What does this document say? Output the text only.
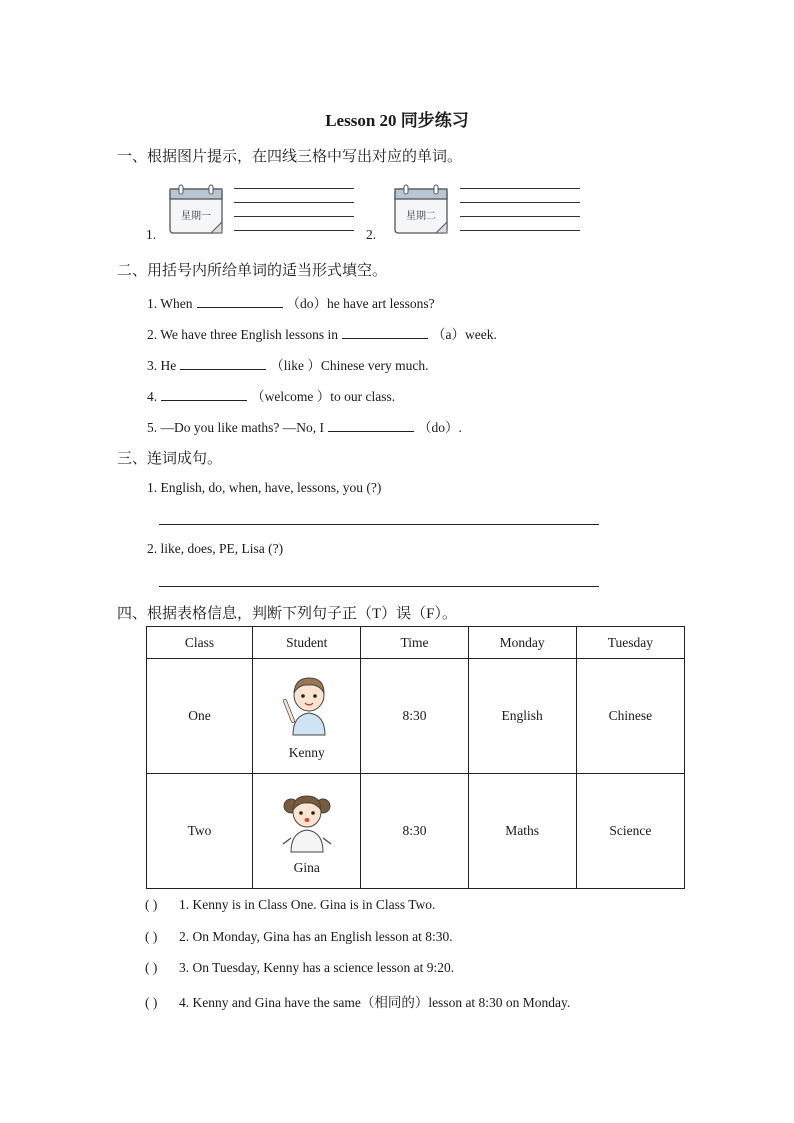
Lesson 20 同步练习
一、根据图片提示，在四线三格中写出对应的单词。
1.
星期一
2.
星期二
二、用括号内所给单词的适当形式填空。
1. When	（do）he have art lessons?
2. We have three English lessons in	（a）week.
3. He	（like ）Chinese very much.
4.	（welcome ）to our class.
5. —Do you like maths? —No, I	（do）.
三、连词成句。
1. English, do, when, have, lessons, you (?)
2. like, does, PE, Lisa (?)
四、根据表格信息，判断下列句子正（T）误（F）。
Class	Student	Time	Monday	Tuesday
One	Kenny	8:30	English	Chinese
Two	Gina	8:30	Maths	Science
( ) 1. Kenny is in Class One. Gina is in Class Two.
( ) 2. On Monday, Gina has an English lesson at 8:30.
( ) 3. On Tuesday, Kenny has a science lesson at 9:20.
( ) 4. Kenny and Gina have the same（相同的）lesson at 8:30 on Monday.
